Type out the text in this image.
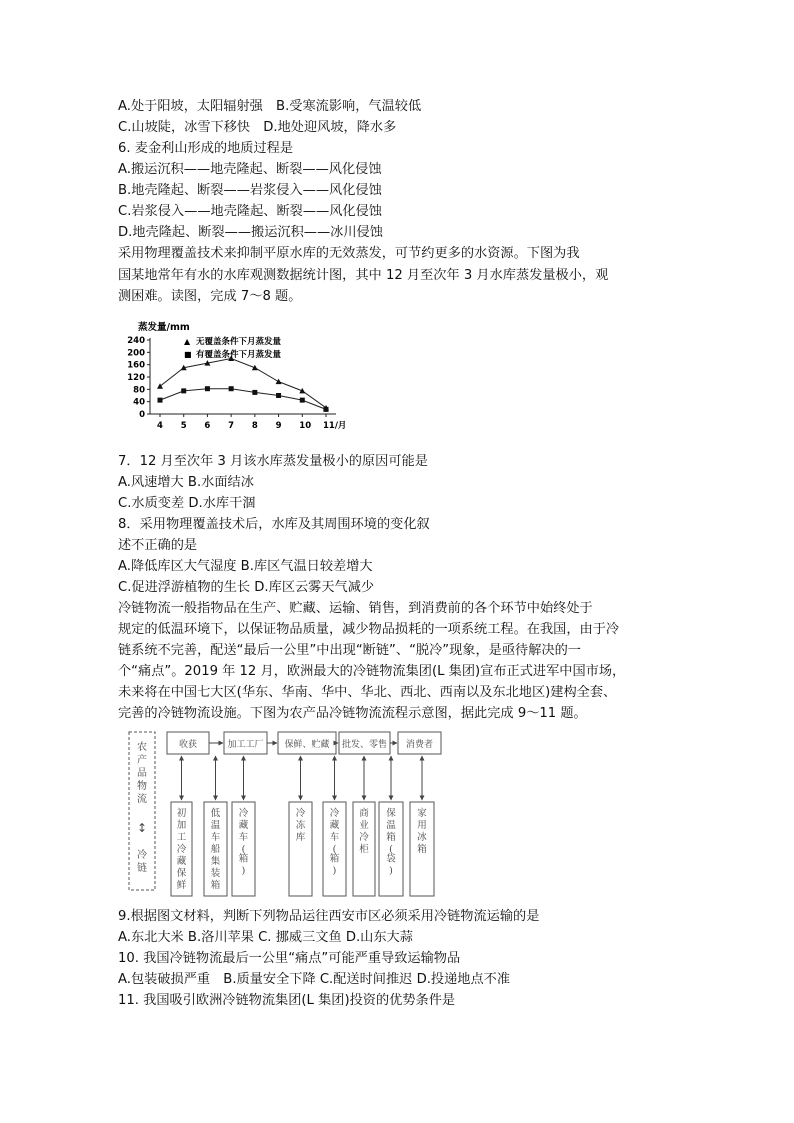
A.处于阳坡，太阳辐射强　B.受寒流影响，气温较低
C.山坡陡，冰雪下移快　D.地处迎风坡，降水多
6. 麦金利山形成的地质过程是
A.搬运沉积——地壳隆起、断裂——风化侵蚀
B.地壳隆起、断裂——岩浆侵入——风化侵蚀
C.岩浆侵入——地壳隆起、断裂——风化侵蚀
D.地壳隆起、断裂——搬运沉积——冰川侵蚀
采用物理覆盖技术来抑制平原水库的无效蒸发，可节约更多的水资源。下图为我
国某地常年有水的水库观测数据统计图，其中 12 月至次年 3 月水库蒸发量极小，观
测困难。读图，完成 7～8 题。
蒸发量/mm
0
40
80
120
160
200
240
4 5 6 7 8 9 10 11/月
▲ 无覆盖条件下月蒸发量
■ 有覆盖条件下月蒸发量
7．12 月至次年 3 月该水库蒸发量极小的原因可能是
A.风速增大 B.水面结冰
C.水质变差 D.水库干涸
8．采用物理覆盖技术后，水库及其周围环境的变化叙
述不正确的是
A.降低库区大气湿度 B.库区气温日较差增大
C.促进浮游植物的生长 D.库区云雾天气减少
冷链物流一般指物品在生产、贮藏、运输、销售，到消费前的各个环节中始终处于
规定的低温环境下，以保证物品质量，减少物品损耗的一项系统工程。在我国，由于冷
链系统不完善，配送“最后一公里”中出现“断链”、“脱冷”现象，是亟待解决的一
个“痛点”。2019 年 12 月，欧洲最大的冷链物流集团(L 集团)宣布正式进军中国市场，
未来将在中国七大区(华东、华南、华中、华北、西北、西南以及东北地区)建构全套、
完善的冷链物流设施。下图为农产品冷链物流流程示意图，据此完成 9～11 题。
农产品物流
↕
冷链
收获	加工工厂 保鲜、贮藏 批发、零售 消费者
初加工冷藏保鲜
低温车船集装箱
冷藏车(箱)
冷冻库
冷藏车(箱)
商业冷柜
保温箱(袋)
家用冰箱
9.根据图文材料，判断下列物品运往西安市区必须采用冷链物流运输的是
A.东北大米 B.洛川苹果 C. 挪威三文鱼 D.山东大蒜
10. 我国冷链物流最后一公里“痛点”可能严重导致运输物品
A.包装破损严重　B.质量安全下降 C.配送时间推迟 D.投递地点不准
11. 我国吸引欧洲冷链物流集团(L 集团)投资的优势条件是
